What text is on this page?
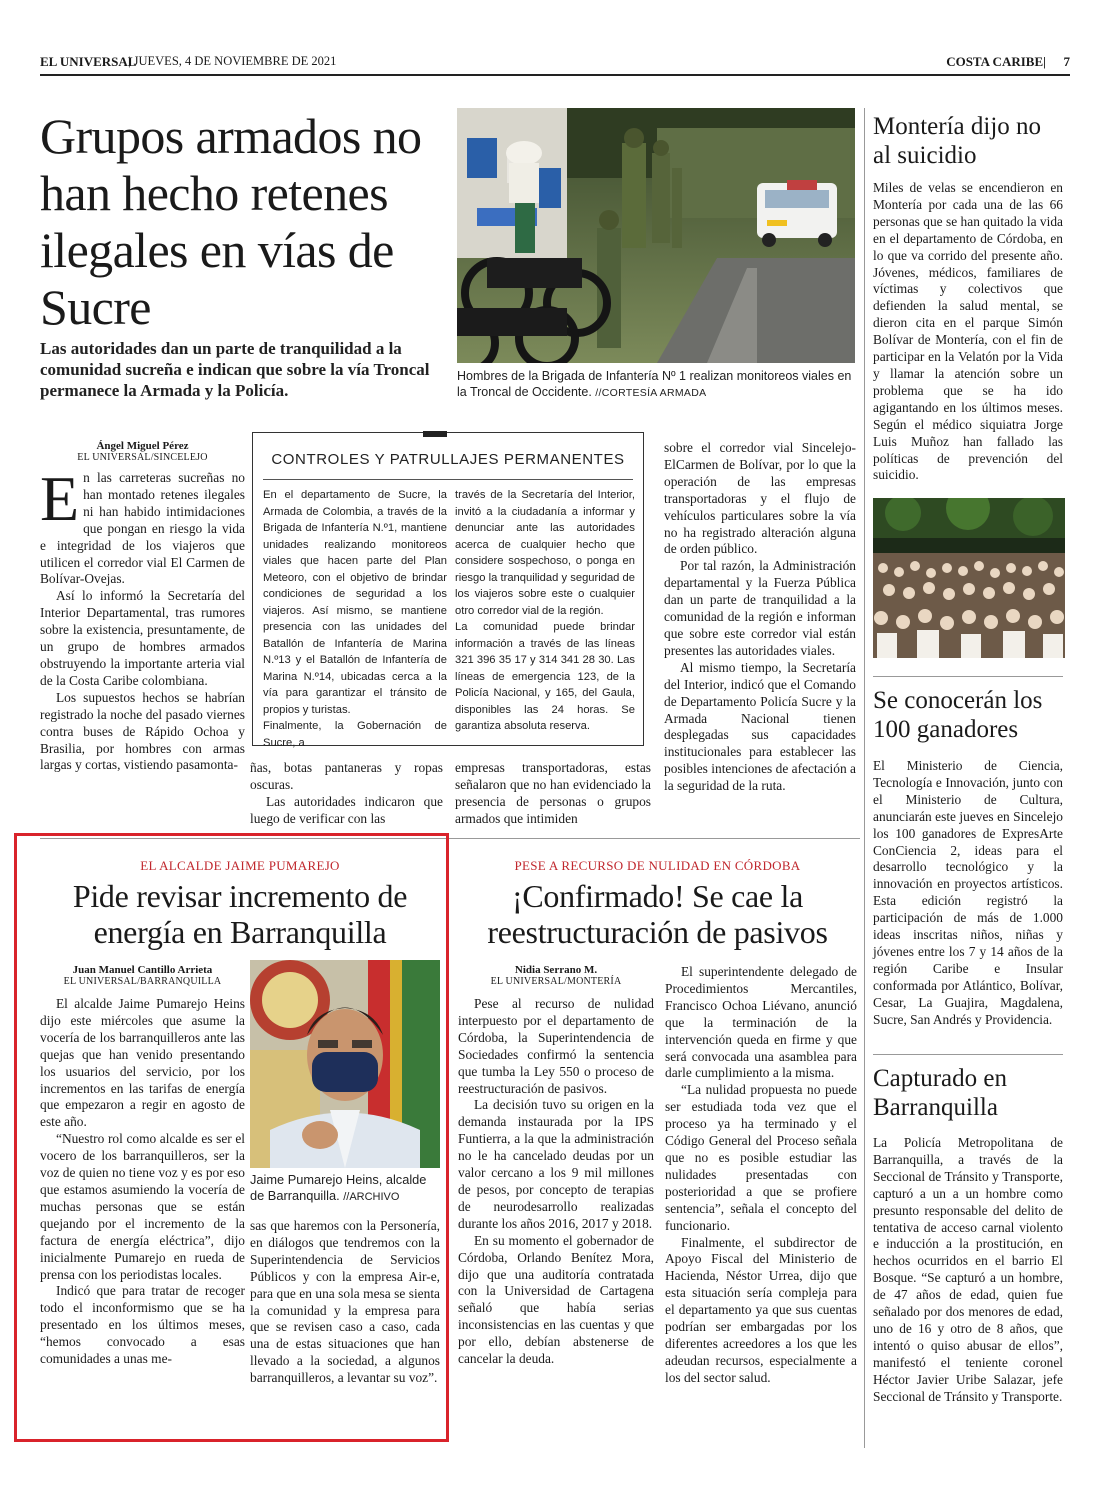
EL UNIVERSAL
| JUEVES, 4 DE NOVIEMBRE DE 2021	COSTA CARIBE| 7
Grupos armados no han hecho retenes ilegales en vías de Sucre

Las autoridades dan un parte de tranquilidad a la comunidad sucreña e indican que sobre la vía Troncal permanece la Armada y la Policía.

Hombres de la Brigada de Infantería Nº 1 realizan monitoreos viales en la Troncal de Occidente. //CORTESÍA ARMADA

Ángel Miguel Pérez
EL UNIVERSAL/SINCELEJO

En las carreteras sucreñas no han montado retenes ilegales ni han habido intimidaciones que pongan en riesgo la vida e integridad de los viajeros que utilicen el corredor vial El Carmen de Bolívar-Ovejas.

Así lo informó la Secretaría del Interior Departamental, tras rumores sobre la existencia, presuntamente, de un grupo de hombres armados obstruyendo la importante arteria vial de la Costa Caribe colombiana.

Los supuestos hechos se habrían registrado la noche del pasado viernes contra buses de Rápido Ochoa y Brasilia, por hombres con armas largas y cortas, vistiendo pasamonta-

CONTROLES Y PATRULLAJES PERMANENTES

En el departamento de Sucre, la Armada de Colombia, a través de la Brigada de Infantería N.º1, mantiene unidades realizando monitoreos viales que hacen parte del Plan Meteoro, con el objetivo de brindar condiciones de seguridad a los viajeros. Así mismo, se mantiene presencia con las unidades del Batallón de Infantería de Marina N.º13 y el Batallón de Infantería de Marina N.º14, ubicadas cerca a la vía para garantizar el tránsito de propios y turistas.

Finalmente, la Gobernación de Sucre, a

través de la Secretaría del Interior, invitó a la ciudadanía a informar y denunciar ante las autoridades acerca de cualquier hecho que considere sospechoso, o ponga en riesgo la tranquilidad y seguridad de los viajeros sobre este o cualquier otro corredor vial de la región.

La comunidad puede brindar información a través de las líneas 321 396 35 17 y 314 341 28 30. Las líneas de emergencia 123, de la Policía Nacional, y 165, del Gaula, disponibles las 24 horas. Se garantiza absoluta reserva.

ñas, botas pantaneras y ropas oscuras.

Las autoridades indicaron que luego de verificar con las

empresas transportadoras, estas señalaron que no han evidenciado la presencia de personas o grupos armados que intimiden

sobre el corredor vial Sincelejo-ElCarmen de Bolívar, por lo que la operación de las empresas transportadoras y el flujo de vehículos particulares sobre la vía no ha registrado alteración alguna de orden público.

Por tal razón, la Administración departamental y la Fuerza Pública dan un parte de tranquilidad a la comunidad de la región e informan que sobre este corredor vial están presentes las autoridades viales.

Al mismo tiempo, la Secretaría del Interior, indicó que el Comando de Departamento Policía Sucre y la Armada Nacional tienen desplegadas sus capacidades institucionales para establecer las posibles intenciones de afectación a la seguridad de la ruta.

Montería dijo no al suicidio

Miles de velas se encendieron en Montería por cada una de las 66 personas que se han quitado la vida en el departamento de Córdoba, en lo que va corrido del presente año. Jóvenes, médicos, familiares de víctimas y colectivos que defienden la salud mental, se dieron cita en el parque Simón Bolívar de Montería, con el fin de participar en la Velatón por la Vida y llamar la atención sobre un problema que se ha ido agigantando en los últimos meses. Según el médico siquiatra Jorge Luis Muñoz han fallado las políticas de prevención del suicidio.

Se conocerán los 100 ganadores

El Ministerio de Ciencia, Tecnología e Innovación, junto con el Ministerio de Cultura, anunciarán este jueves en Sincelejo los 100 ganadores de ExpresArte ConCiencia 2, ideas para el desarrollo tecnológico y la innovación en proyectos artísticos. Esta edición registró la participación de más de 1.000 ideas inscritas niños, niñas y jóvenes entre los 7 y 14 años de la región Caribe e Insular conformada por Atlántico, Bolívar, Cesar, La Guajira, Magdalena, Sucre, San Andrés y Providencia.

Capturado en Barranquilla

La Policía Metropolitana de Barranquilla, a través de la Seccional de Tránsito y Transporte, capturó a un a un hombre como presunto responsable del delito de tentativa de acceso carnal violento e inducción a la prostitución, en hechos ocurridos en el barrio El Bosque. “Se capturó a un hombre, de 47 años de edad, quien fue señalado por dos menores de edad, uno de 16 y otro de 8 años, que intentó o quiso abusar de ellos”, manifestó el teniente coronel Héctor Javier Uribe Salazar, jefe Seccional de Tránsito y Transporte.

EL ALCALDE JAIME PUMAREJO
Pide revisar incremento de energía en Barranquilla
Juan Manuel Cantillo Arrieta
EL UNIVERSAL/BARRANQUILLA

El alcalde Jaime Pumarejo Heins dijo este miércoles que asume la vocería de los barranquilleros ante las quejas que han venido presentando los usuarios del servicio, por los incrementos en las tarifas de energía que empezaron a regir en agosto de este año.

“Nuestro rol como alcalde es ser el vocero de los barranquilleros, ser la voz de quien no tiene voz y es por eso que estamos asumiendo la vocería de muchas personas que se están quejando por el incremento de la factura de energía eléctrica”, dijo inicialmente Pumarejo en rueda de prensa con los periodistas locales.

Indicó que para tratar de recoger todo el inconformismo que se ha presentado en los últimos meses, “hemos convocado a esas comunidades a unas me-

Jaime Pumarejo Heins, alcalde de Barranquilla. //ARCHIVO

sas que haremos con la Personería, en diálogos que tendremos con la Superintendencia de Servicios Públicos y con la empresa Air-e, para que en una sola mesa se sienta la comunidad y la empresa para que se revisen caso a caso, cada una de estas situaciones que han llevado a la sociedad, a algunos barranquilleros, a levantar su voz”.

PESE A RECURSO DE NULIDAD EN CÓRDOBA
¡Confirmado! Se cae la reestructuración de pasivos
Nidia Serrano M.
EL UNIVERSAL/MONTERÍA

Pese al recurso de nulidad interpuesto por el departamento de Córdoba, la Superintendencia de Sociedades confirmó la sentencia que tumba la Ley 550 o proceso de reestructuración de pasivos.

La decisión tuvo su origen en la demanda instaurada por la IPS Funtierra, a la que la administración no le ha cancelado deudas por un valor cercano a los 9 mil millones de pesos, por concepto de terapias de neurodesarrollo realizadas durante los años 2016, 2017 y 2018.

En su momento el gobernador de Córdoba, Orlando Benítez Mora, dijo que una auditoría contratada con la Universidad de Cartagena señaló que había serias inconsistencias en las cuentas y que por ello, debían abstenerse de cancelar la deuda.

El superintendente delegado de Procedimientos Mercantiles, Francisco Ochoa Liévano, anunció que la terminación de la intervención queda en firme y que será convocada una asamblea para darle cumplimiento a la misma.

“La nulidad propuesta no puede ser estudiada toda vez que el proceso ya ha terminado y el Código General del Proceso señala que no es posible estudiar las nulidades presentadas con posterioridad a que se profiere sentencia”, señala el concepto del funcionario.

Finalmente, el subdirector de Apoyo Fiscal del Ministerio de Hacienda, Néstor Urrea, dijo que esta situación sería compleja para el departamento ya que sus cuentas podrían ser embargadas por los diferentes acreedores a los que les adeudan recursos, especialmente a los del sector salud.
